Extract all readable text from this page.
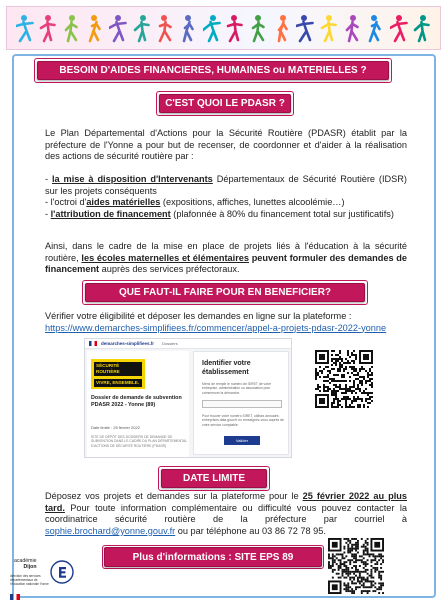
BESOIN D'AIDES FINANCIERES, HUMAINES ou MATERIELLES ?
C'EST QUOI LE PDASR ?
Le Plan Départemental d'Actions pour la Sécurité Routière (PDASR) établit par la préfecture de l'Yonne a pour but de recenser, de coordonner et d'aider à la réalisation des actions de sécurité routière par :
- la mise à disposition d'Intervenants Départementaux de Sécurité Routière (IDSR) sur les projets conséquents
- l'octroi d'aides matérielles (expositions, affiches, lunettes alcoolémie…)
- l'attribution de financement (plafonnée à 80% du financement total sur justificatifs)
Ainsi, dans le cadre de la mise en place de projets liés à l'éducation à la sécurité routière, les écoles maternelles et élémentaires peuvent formuler des demandes de financement auprès des services préfectoraux.
QUE FAUT-IL FAIRE POUR EN BENEFICIER?
Vérifier votre éligibilité et déposer les demandes en ligne sur la plateforme :
https://www.demarches-simplifiees.fr/commencer/appel-a-projets-pdasr-2022-yonne
demarches-simplifiees.fr Dossiers
SÉCURITÉ ROUTIÈRE
VIVRE, ENSEMBLE.
Dossier de demande de subvention PDASR 2022 - Yonne (89)
Date limite : 25 février 2022
SITE DE DÉPÔT DES DOSSIERS DE DEMANDE DE SUBVENTION DANS LE CADRE DU PLAN DÉPARTEMENTAL D'ACTIONS DE SÉCURITÉ ROUTIÈRE (PDASR)
Identifier votre établissement
Merci de remplir le numéro de SIRET de votre entreprise, administration ou association pour commencer la démarche.
Pour trouver votre numéro SIRET, utilisez annuaire-entreprises.data.gouv.fr ou renseignez-vous auprès de votre service comptable.
Valider
DATE LIMITE
Déposez vos projets et demandes sur la plateforme pour le 25 février 2022 au plus tard. Pour toute information complémentaire ou difficulté vous pouvez contacter la coordinatrice sécurité routière de la préfecture par courriel à sophie.brochard@yonne.gouv.fr ou par téléphone au 03 86 72 78 95.
Plus d'informations : SITE EPS 89
académie
Dijon
direction des services départementaux de l'éducation nationale Yonne
